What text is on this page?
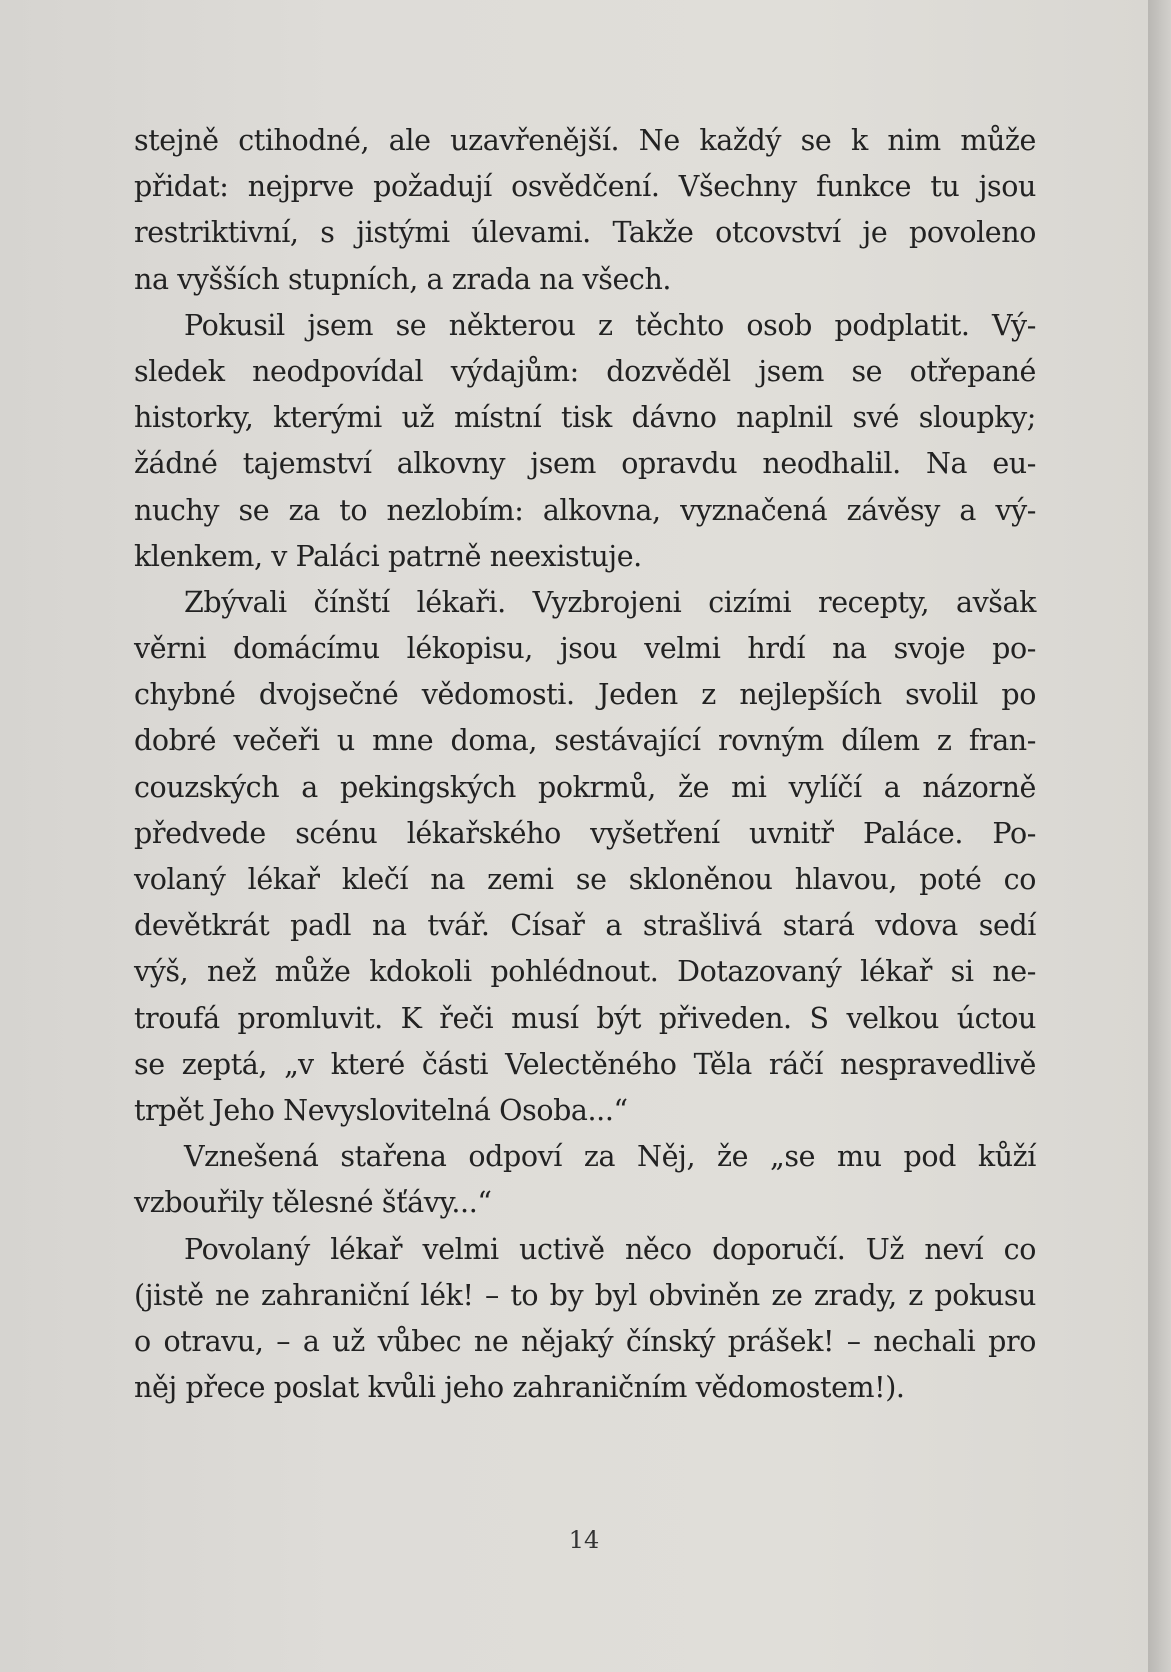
stejně ctihodné, ale uzavřenější. Ne každý se k nim může
přidat: nejprve požadují osvědčení. Všechny funkce tu jsou
restriktivní, s jistými úlevami. Takže otcovství je povoleno
na vyšších stupních, a zrada na všech.
Pokusil jsem se některou z těchto osob podplatit. Vý-
sledek neodpovídal výdajům: dozvěděl jsem se otřepané
historky, kterými už místní tisk dávno naplnil své sloupky;
žádné tajemství alkovny jsem opravdu neodhalil. Na eu-
nuchy se za to nezlobím: alkovna, vyznačená závěsy a vý-
klenkem, v Paláci patrně neexistuje.
Zbývali čínští lékaři. Vyzbrojeni cizími recepty, avšak
věrni domácímu lékopisu, jsou velmi hrdí na svoje po-
chybné dvojsečné vědomosti. Jeden z nejlepších svolil po
dobré večeři u mne doma, sestávající rovným dílem z fran-
couzských a pekingských pokrmů, že mi vylíčí a názorně
předvede scénu lékařského vyšetření uvnitř Paláce. Po-
volaný lékař klečí na zemi se skloněnou hlavou, poté co
devětkrát padl na tvář. Císař a strašlivá stará vdova sedí
výš, než může kdokoli pohlédnout. Dotazovaný lékař si ne-
troufá promluvit. K řeči musí být přiveden. S velkou úctou
se zeptá, „v které části Velectěného Těla ráčí nespravedlivě
trpět Jeho Nevyslovitelná Osoba...“
Vznešená stařena odpoví za Něj, že „se mu pod kůží
vzbouřily tělesné šťávy...“
Povolaný lékař velmi uctivě něco doporučí. Už neví co
(jistě ne zahraniční lék! – to by byl obviněn ze zrady, z pokusu
o otravu, – a už vůbec ne nějaký čínský prášek! – nechali pro
něj přece poslat kvůli jeho zahraničním vědomostem!).
14
